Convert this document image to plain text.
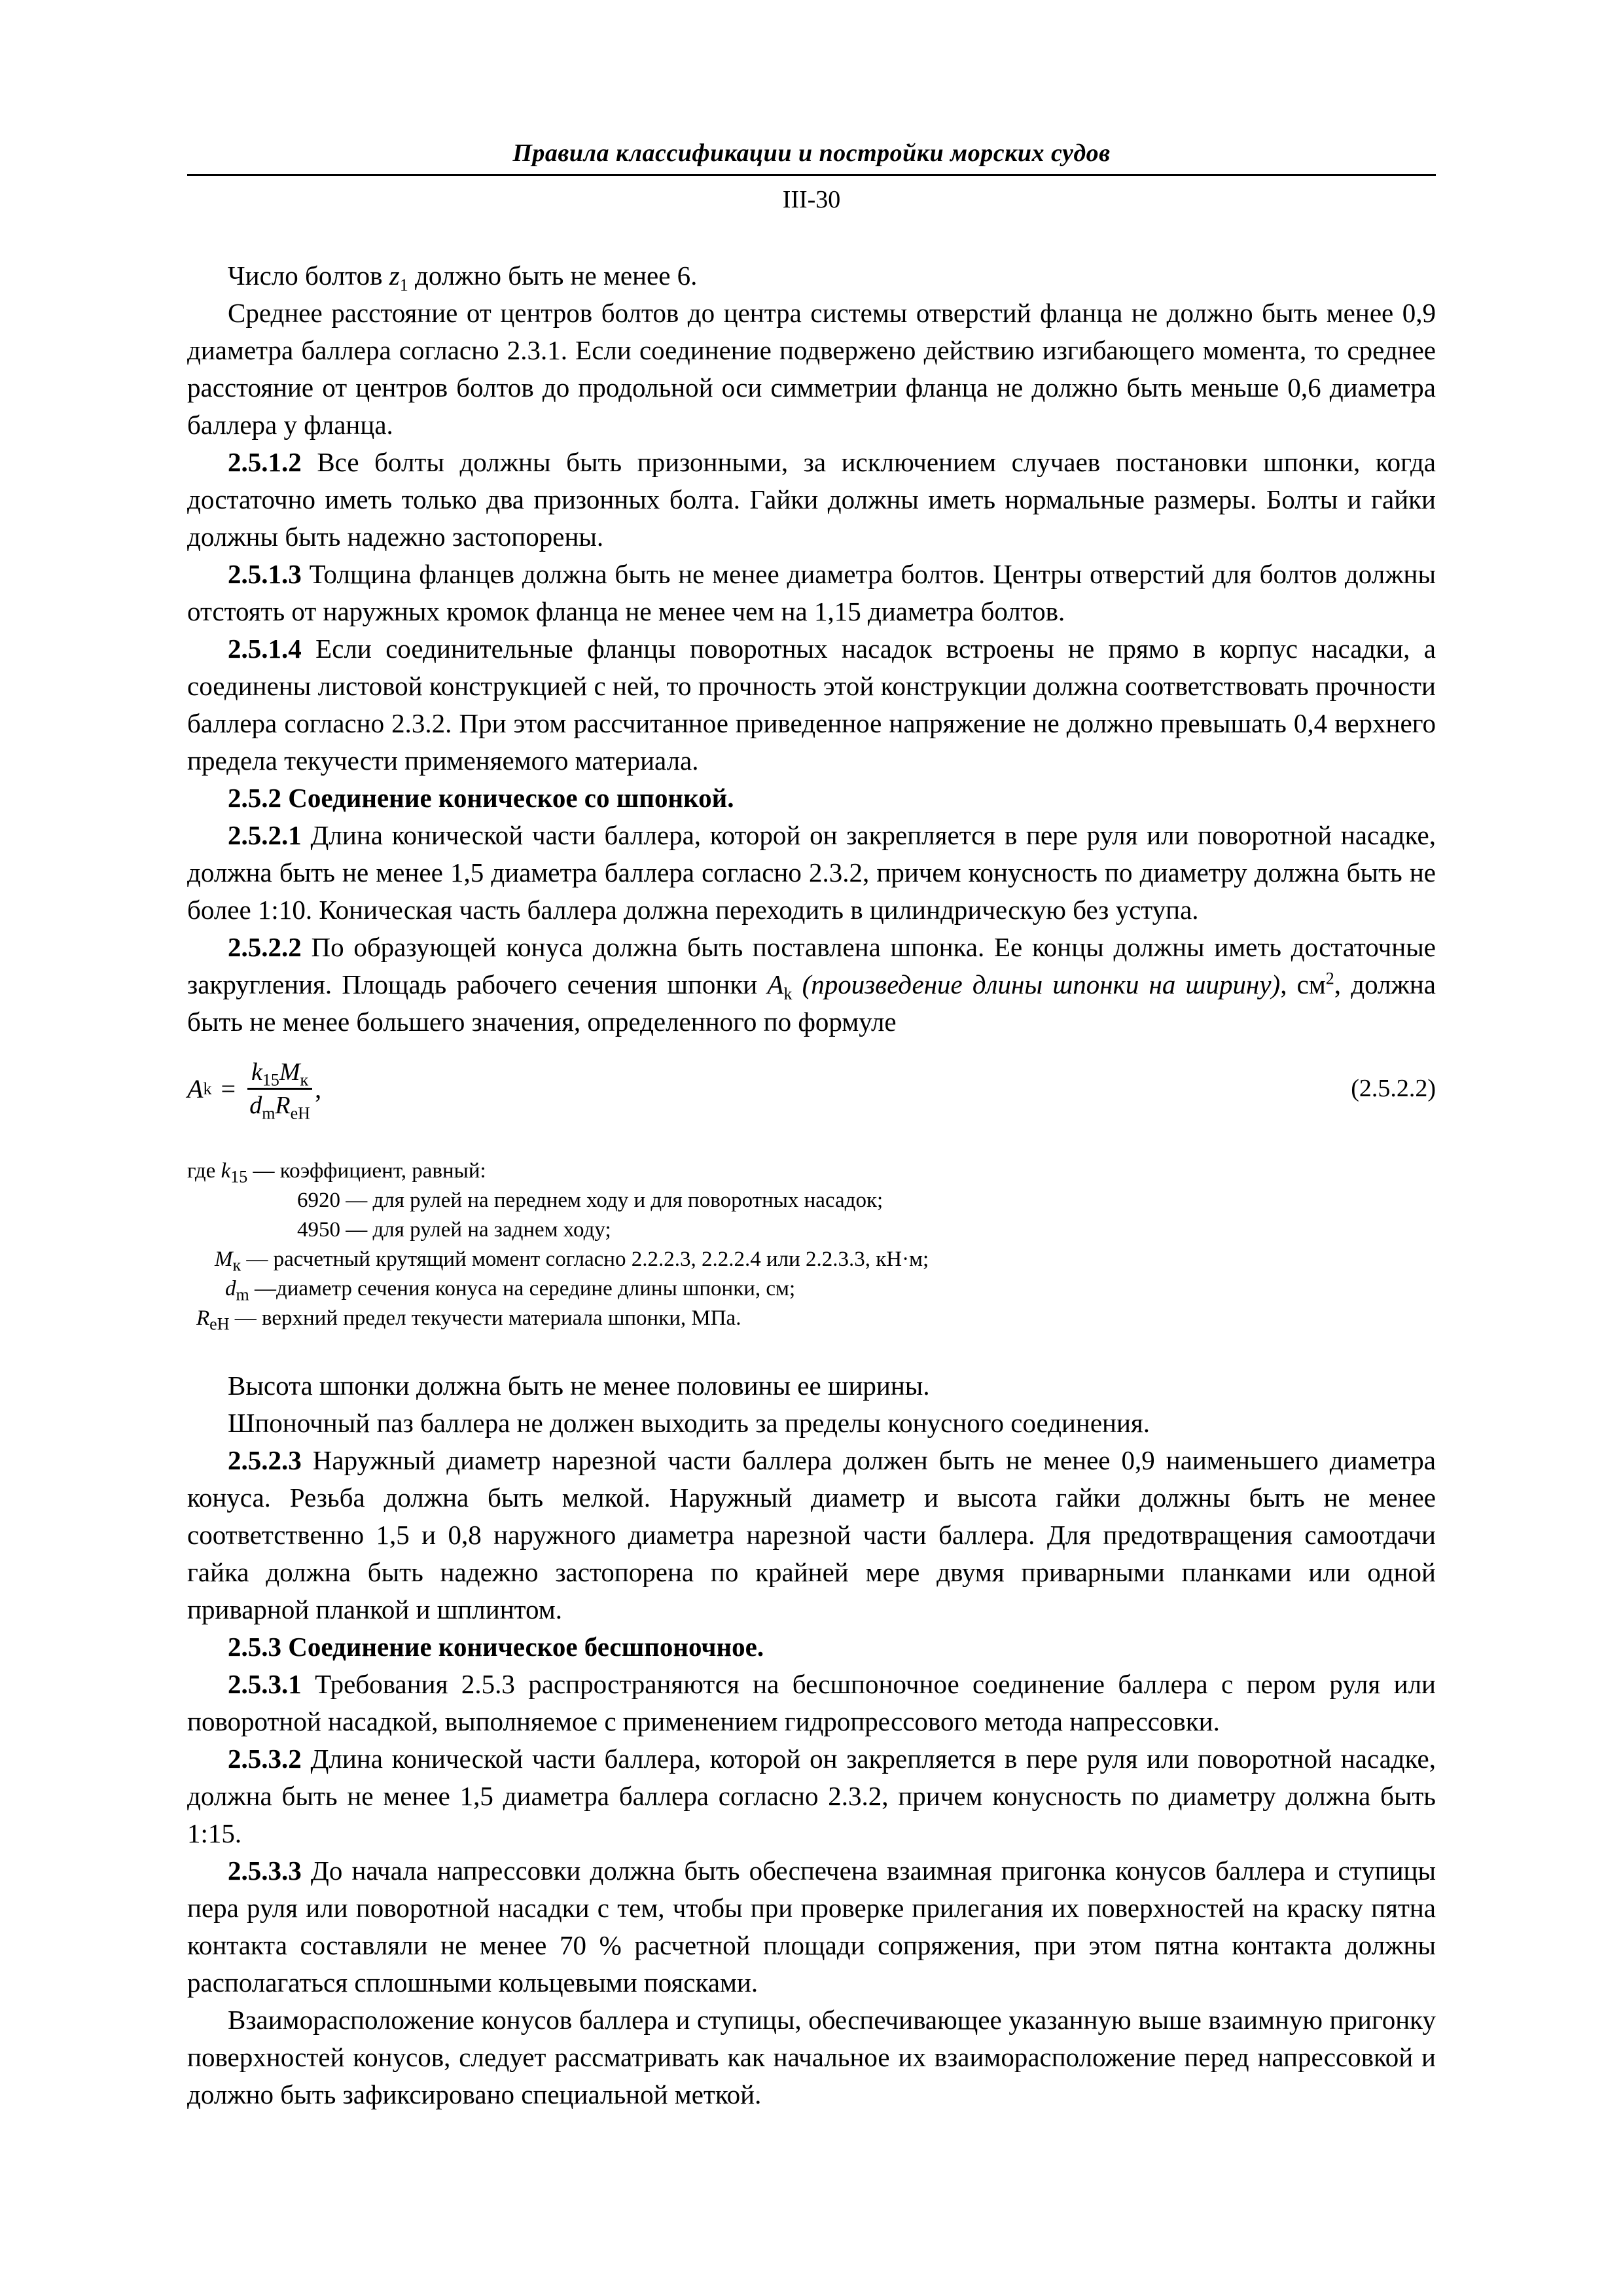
Правила классификации и постройки морских судов
III-30

Число болтов $z_1$ должно быть не менее 6.

Среднее расстояние от центров болтов до центра системы отверстий фланца не должно быть менее 0,9 диаметра баллера согласно 2.3.1. Если соединение подвержено действию изгибающего момента, то среднее расстояние от центров болтов до продольной оси симметрии фланца не должно быть меньше 0,6 диаметра баллера у фланца.

2.5.1.2 Все болты должны быть призонными, за исключением случаев постановки шпонки, когда достаточно иметь только два призонных болта. Гайки должны иметь нормальные размеры. Болты и гайки должны быть надежно застопорены.

2.5.1.3 Толщина фланцев должна быть не менее диаметра болтов. Центры отверстий для болтов должны отстоять от наружных кромок фланца не менее чем на 1,15 диаметра болтов.

2.5.1.4 Если соединительные фланцы поворотных насадок встроены не прямо в корпус насадки, а соединены листовой конструкцией с ней, то прочность этой конструкции должна соответствовать прочности баллера согласно 2.3.2. При этом рассчитанное приведенное напряжение не должно превышать 0,4 верхнего предела текучести применяемого материала.

2.5.2 Соединение коническое со шпонкой.

2.5.2.1 Длина конической части баллера, которой он закрепляется в пере руля или поворотной насадке, должна быть не менее 1,5 диаметра баллера согласно 2.3.2, причем конусность по диаметру должна быть не более 1:10. Коническая часть баллера должна переходить в цилиндрическую без уступа.

2.5.2.2 По образующей конуса должна быть поставлена шпонка. Ее концы должны иметь достаточные закругления. Площадь рабочего сечения шпонки $A_k$ (произведение длины шпонки на ширину), $см^2$, должна быть не менее большего значения, определенного по формуле

A $k = \frac{k_{15}M_к}{d_mR_{eH}}$ ,	(2.5.2.2)
где $k_{15}$ — коэффициент, равный:
6920 — для рулей на переднем ходу и для поворотных насадок;
4950 — для рулей на заднем ходу;
$M_к$ — расчетный крутящий момент согласно 2.2.2.3, 2.2.2.4 или 2.2.3.3, кН·м;
$d_m$ —диаметр сечения конуса на середине длины шпонки, см;
$R_{eH}$ — верхний предел текучести материала шпонки, МПа.

Высота шпонки должна быть не менее половины ее ширины.

Шпоночный паз баллера не должен выходить за пределы конусного соединения.

2.5.2.3 Наружный диаметр нарезной части баллера должен быть не менее 0,9 наименьшего диаметра конуса. Резьба должна быть мелкой. Наружный диаметр и высота гайки должны быть не менее соответственно 1,5 и 0,8 наружного диаметра нарезной части баллера. Для предотвращения самоотдачи гайка должна быть надежно застопорена по крайней мере двумя приварными планками или одной приварной планкой и шплинтом.

2.5.3 Соединение коническое бесшпоночное.

2.5.3.1 Требования 2.5.3 распространяются на бесшпоночное соединение баллера с пером руля или поворотной насадкой, выполняемое с применением гидропрессового метода напрессовки.

2.5.3.2 Длина конической части баллера, которой он закрепляется в пере руля или поворотной насадке, должна быть не менее 1,5 диаметра баллера согласно 2.3.2, причем конусность по диаметру должна быть 1:15.

2.5.3.3 До начала напрессовки должна быть обеспечена взаимная пригонка конусов баллера и ступицы пера руля или поворотной насадки с тем, чтобы при проверке прилегания их поверхностей на краску пятна контакта составляли не менее 70 % расчетной площади сопряжения, при этом пятна контакта должны располагаться сплошными кольцевыми поясками.

Взаиморасположение конусов баллера и ступицы, обеспечивающее указанную выше взаимную пригонку поверхностей конусов, следует рассматривать как начальное их взаиморасположение перед напрессовкой и должно быть зафиксировано специальной меткой.
